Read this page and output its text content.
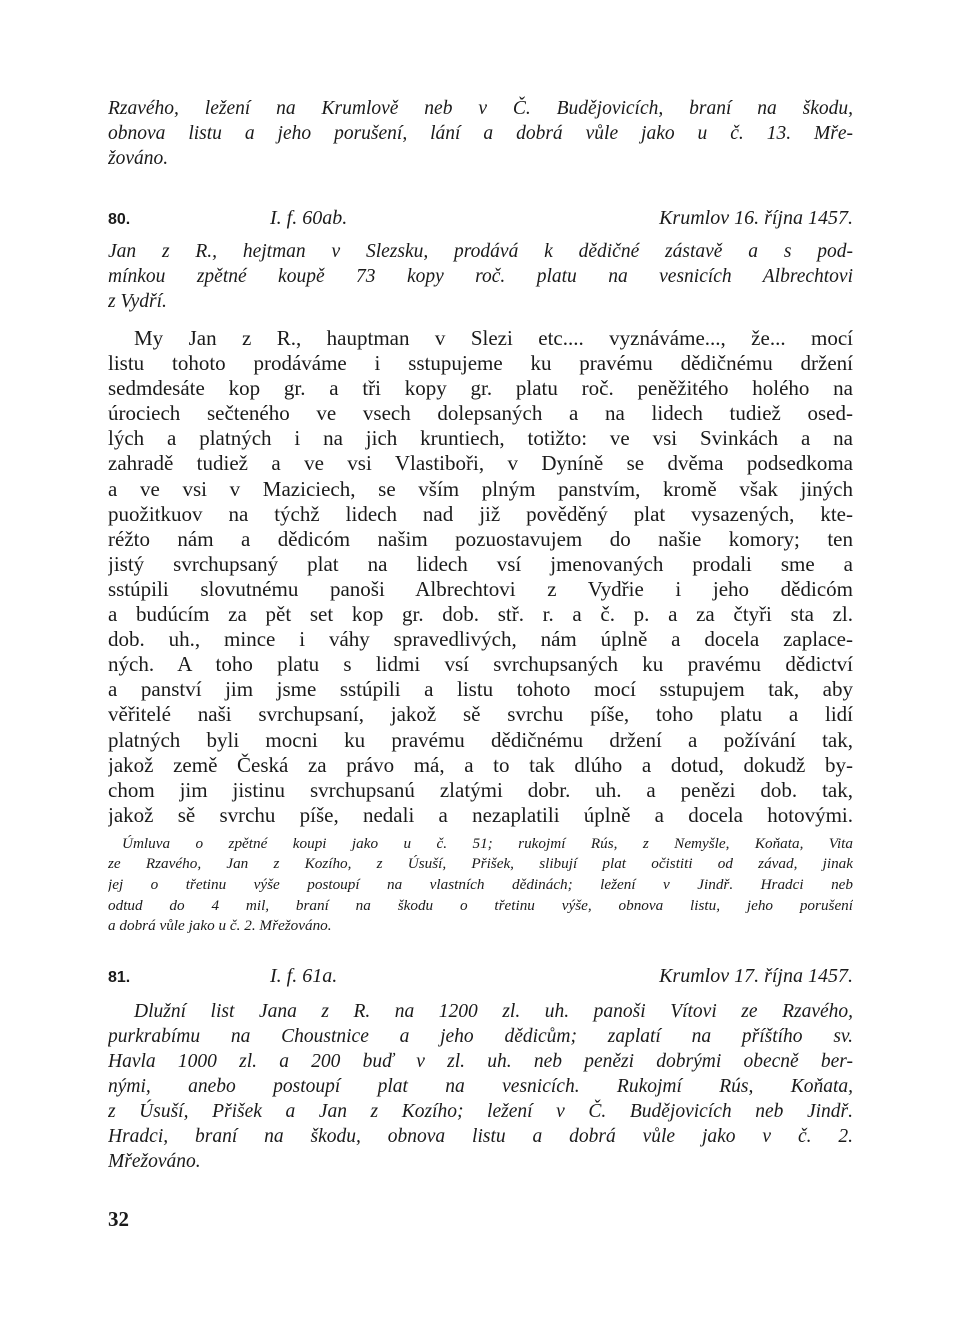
Rzavého, ležení na Krumlově neb v Č. Budějovicích, braní na škodu,
obnova listu a jeho porušení, lání a dobrá vůle jako u č. 13. Mře-
žováno.
80.	I. f. 60ab.	Krumlov 16. října 1457.
Jan z R., hejtman v Slezsku, prodává k dědičné zástavě a s pod-
mínkou zpětné koupě 73 kopy roč. platu na vesnicích Albrechtovi
z Vydří.
My Jan z R., hauptman v Slezi etc.... vyznáváme..., že... mocí
listu tohoto prodáváme i sstupujeme ku pravému dědičnému držení
sedmdesáte kop gr. a tři kopy gr. platu roč. peněžitého holého na
úrociech sečteného ve vsech dolepsaných a na lidech tudiež osed-
lých a platných i na jich kruntiech, totižto: ve vsi Svinkách a na
zahradě tudiež a ve vsi Vlastiboři, v Dyníně se dvěma podsedkoma
a ve vsi v Maziciech, se vším plným panstvím, kromě však jiných
puožitkuov na týchž lidech nad již pověděný plat vysazených, kte-
réžto nám a dědicóm našim pozuostavujem do našie komory; ten
jistý svrchupsaný plat na lidech vsí jmenovaných prodali sme a
sstúpili slovutnému panoši Albrechtovi z Vydřie i jeho dědicóm
a budúcím za pět set kop gr. dob. stř. r. a č. p. a za čtyři sta zl.
dob. uh., mince i váhy spravedlivých, nám úplně a docela zaplace-
ných. A toho platu s lidmi vsí svrchupsaných ku pravému dědictví
a panství jim jsme sstúpili a listu tohoto mocí sstupujem tak, aby
věřitelé naši svrchupsaní, jakož sě svrchu píše, toho platu a lidí
platných byli mocni ku pravému dědičnému držení a požívání tak,
jakož země Česká za právo má, a to tak dlúho a dotud, dokudž by-
chom jim jistinu svrchupsanú zlatými dobr. uh. a penězi dob. tak,
jakož sě svrchu píše, nedali a nezaplatili úplně a docela hotovými.
Úmluva o zpětné koupi jako u č. 51; rukojmí Rús, z Nemyšle, Koňata, Vita
ze Rzavého, Jan z Kozího, z Úsuší, Přišek, slibují plat očistiti od závad, jinak
jej o třetinu výše postoupí na vlastních dědinách; ležení v Jindř. Hradci neb
odtud do 4 mil, braní na škodu o třetinu výše, obnova listu, jeho porušení
a dobrá vůle jako u č. 2. Mřežováno.
81.	I. f. 61a.	Krumlov 17. října 1457.
Dlužní list Jana z R. na 1200 zl. uh. panoši Vítovi ze Rzavého,
purkrabímu na Choustnice a jeho dědicům; zaplatí na příštího sv.
Havla 1000 zl. a 200 buď v zl. uh. neb penězi dobrými obecně ber-
nými, anebo postoupí plat na vesnicích. Rukojmí Rús, Koňata,
z Úsuší, Přišek a Jan z Kozího; ležení v Č. Budějovicích neb Jindř.
Hradci, braní na škodu, obnova listu a dobrá vůle jako v č. 2.
Mřežováno.
32
